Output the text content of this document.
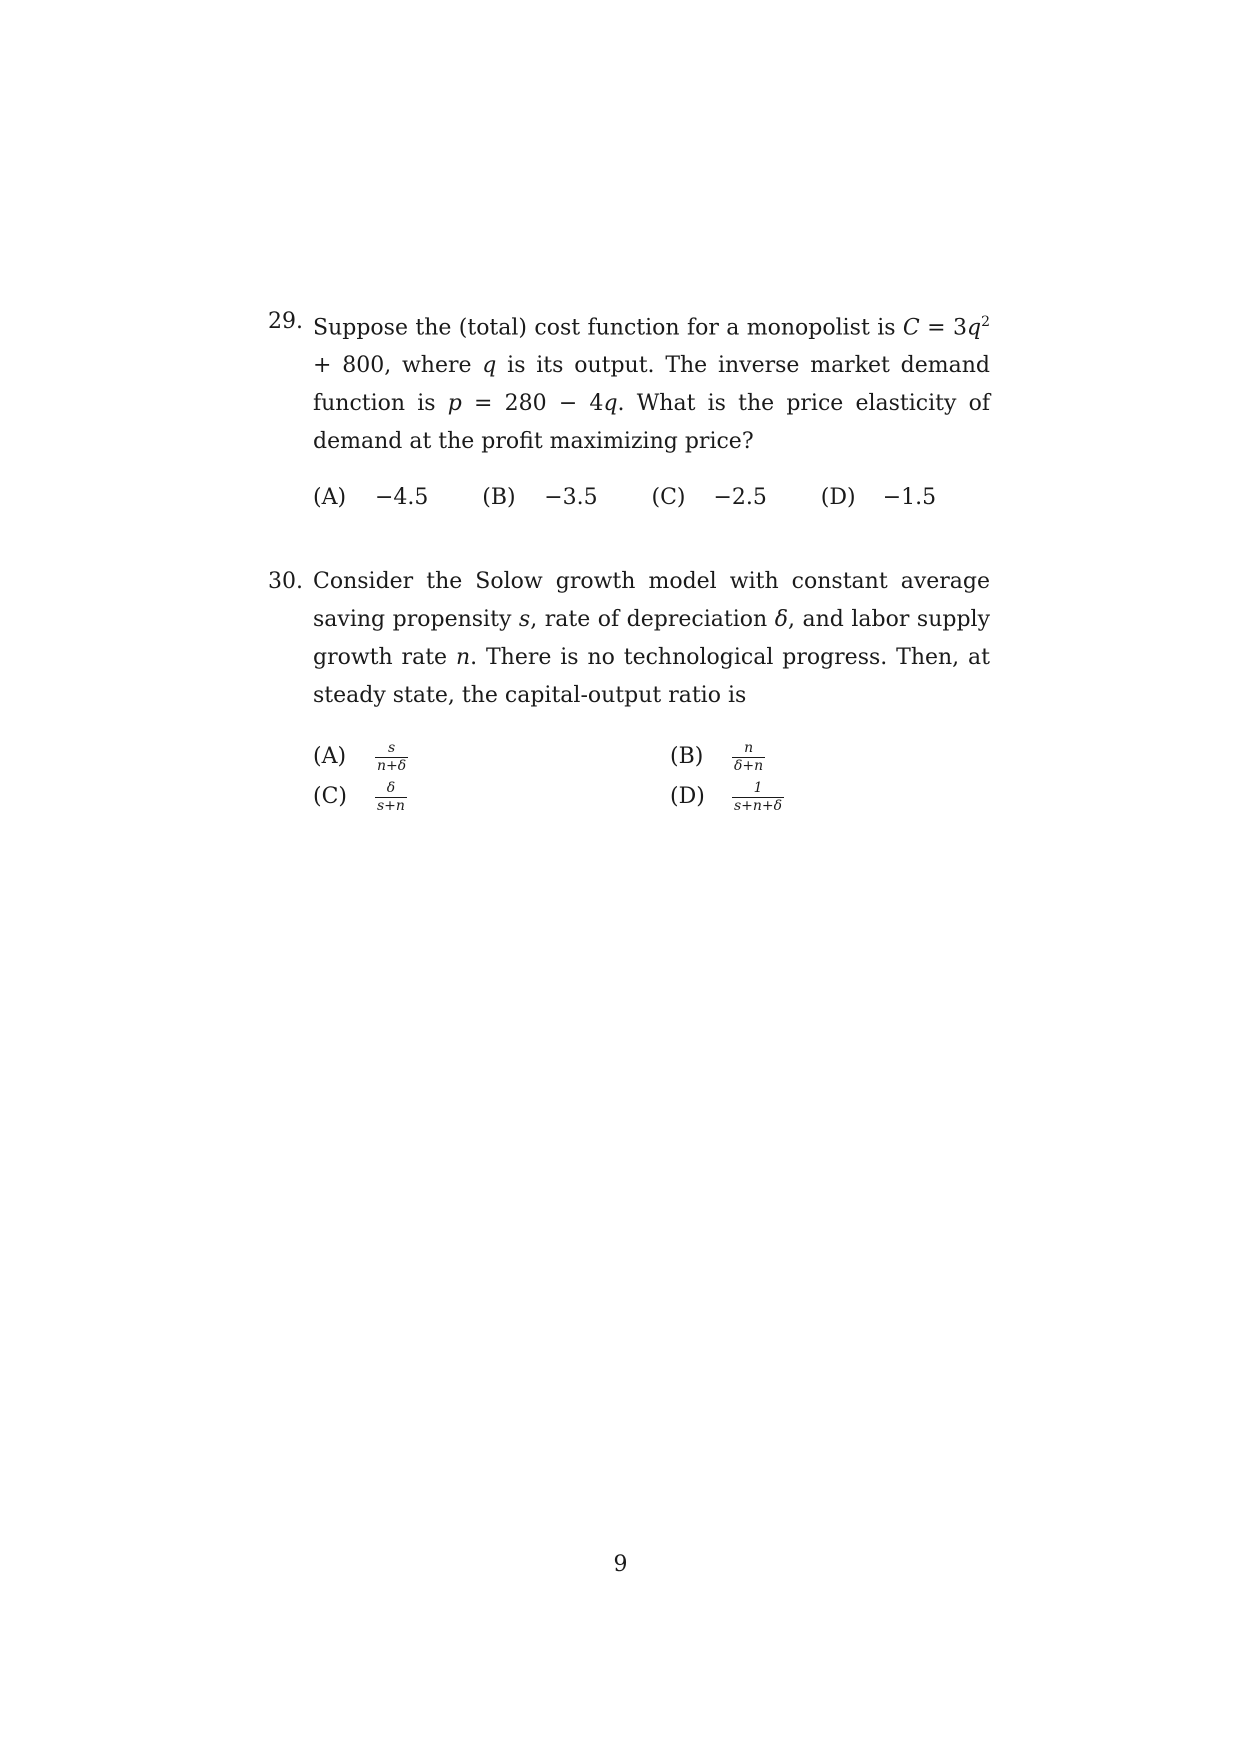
29. Suppose the (total) cost function for a monopolist is $C = 3q^2 + 800$, where q is its output. The inverse market demand function is p = 280 − 4q. What is the price elasticity of demand at the profit maximizing price?
(A) −4.5	(B) −3.5	(C) −2.5	(D) −1.5
30. Consider the Solow growth model with constant average saving propensity s, rate of depreciation δ, and labor supply growth rate n. There is no technological progress. Then, at steady state, the capital-output ratio is
(A)	$\frac{s}{n+\delta}$	(B)	$\frac{n}{\delta+n}$
(C)	$\frac{\delta}{s+n}$	(D)	$\frac{1}{s+n+\delta}$
9
